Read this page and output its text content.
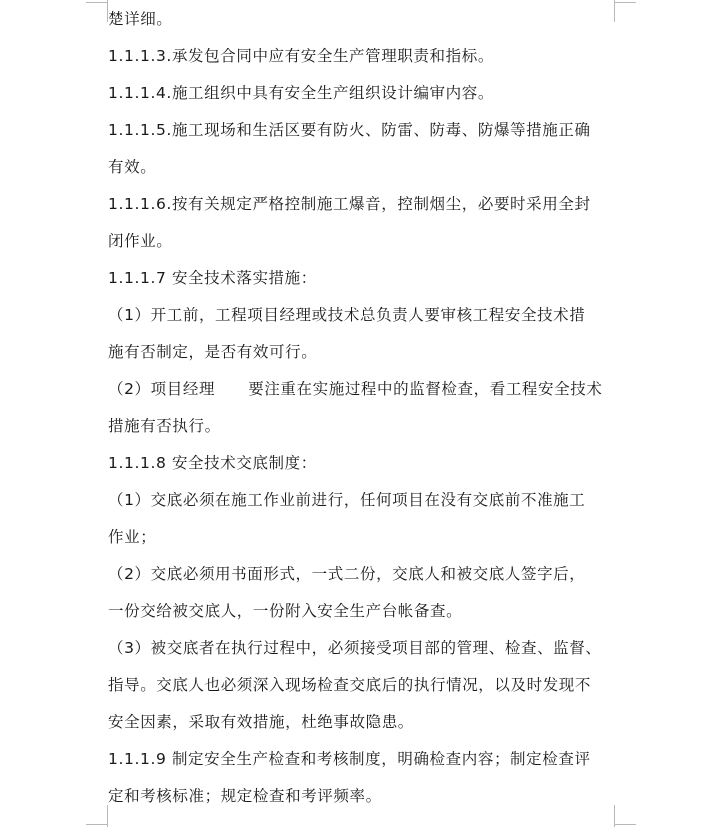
楚详细。
1.1.1.3.承发包合同中应有安全生产管理职责和指标。
1.1.1.4.施工组织中具有安全生产组织设计编审内容。
1.1.1.5.施工现场和生活区要有防火、防雷、防毒、防爆等措施正确
有效。
1.1.1.6.按有关规定严格控制施工爆音，控制烟尘，必要时采用全封
闭作业。
1.1.1.7 安全技术落实措施：
（1）开工前，工程项目经理或技术总负责人要审核工程安全技术措
施有否制定，是否有效可行。
（2）项目经理      要注重在实施过程中的监督检查，看工程安全技术
措施有否执行。
1.1.1.8 安全技术交底制度：
（1）交底必须在施工作业前进行，任何项目在没有交底前不准施工
作业；
（2）交底必须用书面形式，一式二份，交底人和被交底人签字后，
一份交给被交底人，一份附入安全生产台帐备查。
（3）被交底者在执行过程中，必须接受项目部的管理、检查、监督、
指导。交底人也必须深入现场检查交底后的执行情况，以及时发现不
安全因素，采取有效措施，杜绝事故隐患。
1.1.1.9 制定安全生产检查和考核制度，明确检查内容；制定检查评
定和考核标准；规定检查和考评频率。
